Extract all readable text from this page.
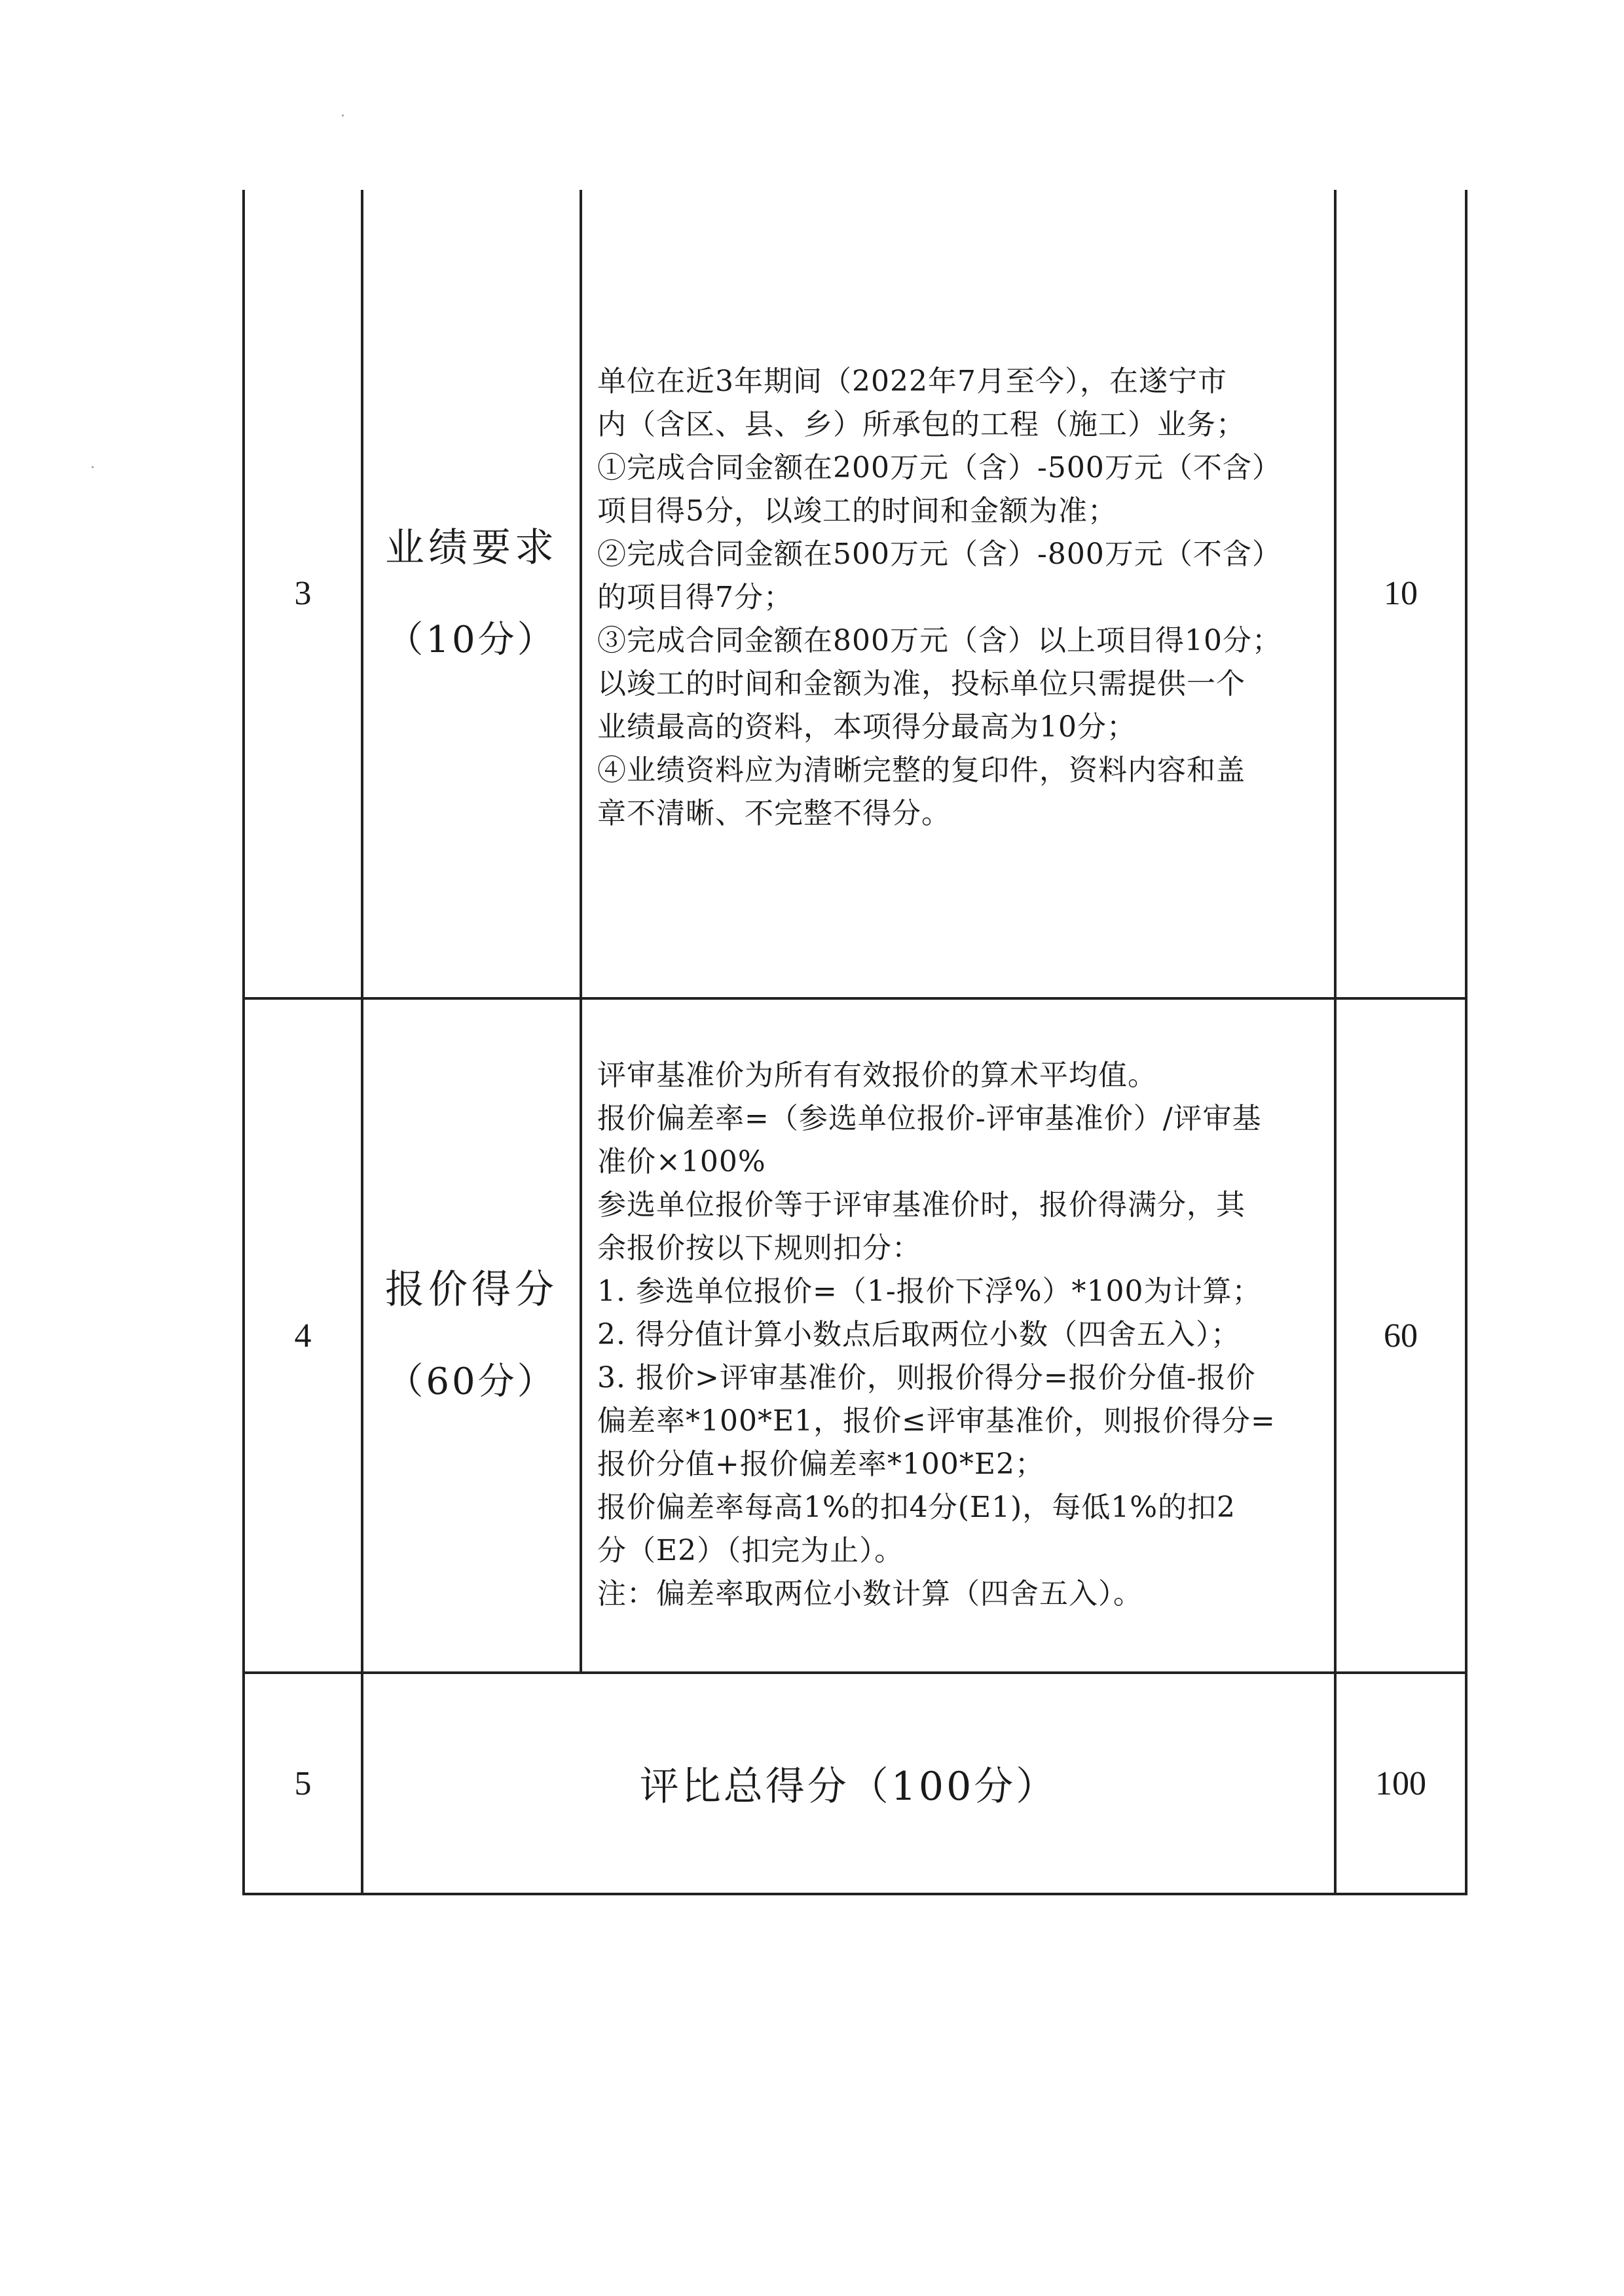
3
业绩要求
（10分）

单位在近3年期间（2022年7月至今），在遂宁市

内（含区、县、乡）所承包的工程（施工）业务；

①完成合同金额在200万元（含）-500万元（不含）

项目得5分，以竣工的时间和金额为准；

②完成合同金额在500万元（含）-800万元（不含）

的项目得7分；

③完成合同金额在800万元（含）以上项目得10分；

以竣工的时间和金额为准，投标单位只需提供一个

业绩最高的资料，本项得分最高为10分；

④业绩资料应为清晰完整的复印件，资料内容和盖

章不清晰、不完整不得分。

10
4
报价得分
（60分）

评审基准价为所有有效报价的算术平均值。

报价偏差率=（参选单位报价-评审基准价）/评审基

准价×100%

参选单位报价等于评审基准价时，报价得满分，其

余报价按以下规则扣分：

1. 参选单位报价=（1-报价下浮%）*100为计算；

2. 得分值计算小数点后取两位小数（四舍五入）；

3. 报价>评审基准价，则报价得分=报价分值-报价

偏差率*100*E1，报价≤评审基准价，则报价得分=

报价分值+报价偏差率*100*E2；

报价偏差率每高1%的扣4分(E1)，每低1%的扣2

分（E2）（扣完为止）。

注：偏差率取两位小数计算（四舍五入）。

60
5	评比总得分（100分）	100
